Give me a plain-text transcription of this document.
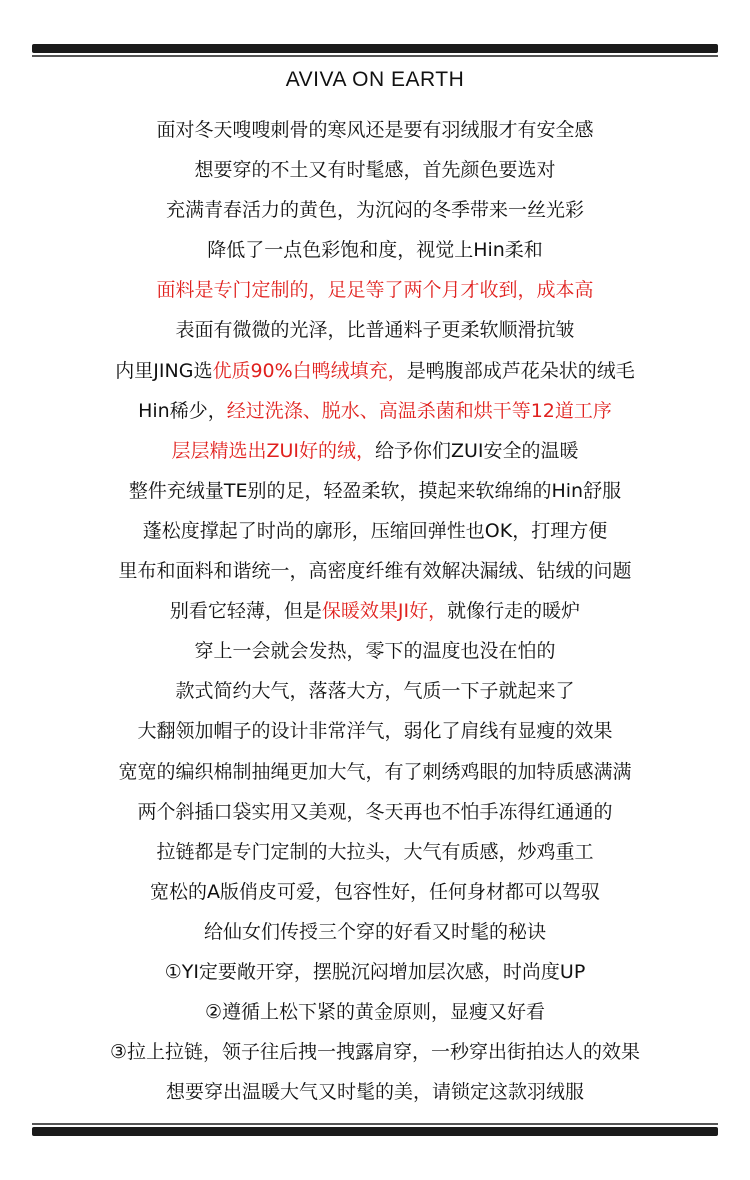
AVIVA ON EARTH
面对冬天嗖嗖刺骨的寒风还是要有羽绒服才有安全感
想要穿的不土又有时髦感，首先颜色要选对
充满青春活力的黄色，为沉闷的冬季带来一丝光彩
降低了一点色彩饱和度，视觉上Hin柔和
面料是专门定制的，足足等了两个月才收到，成本高
表面有微微的光泽，比普通料子更柔软顺滑抗皱
内里JING选优质90%白鸭绒填充，是鸭腹部成芦花朵状的绒毛
Hin稀少，经过洗涤、脱水、高温杀菌和烘干等12道工序
层层精选出ZUI好的绒，给予你们ZUI安全的温暖
整件充绒量TE别的足，轻盈柔软，摸起来软绵绵的Hin舒服
蓬松度撑起了时尚的廓形，压缩回弹性也OK，打理方便
里布和面料和谐统一，高密度纤维有效解决漏绒、钻绒的问题
别看它轻薄，但是保暖效果JI好，就像行走的暖炉
穿上一会就会发热，零下的温度也没在怕的
款式简约大气，落落大方，气质一下子就起来了
大翻领加帽子的设计非常洋气，弱化了肩线有显瘦的效果
宽宽的编织棉制抽绳更加大气，有了刺绣鸡眼的加特质感满满
两个斜插口袋实用又美观，冬天再也不怕手冻得红通通的
拉链都是专门定制的大拉头，大气有质感，炒鸡重工
宽松的A版俏皮可爱，包容性好，任何身材都可以驾驭
给仙女们传授三个穿的好看又时髦的秘诀
①YI定要敞开穿，摆脱沉闷增加层次感，时尚度UP
②遵循上松下紧的黄金原则，显瘦又好看
③拉上拉链，领子往后拽一拽露肩穿，一秒穿出街拍达人的效果
想要穿出温暖大气又时髦的美，请锁定这款羽绒服
